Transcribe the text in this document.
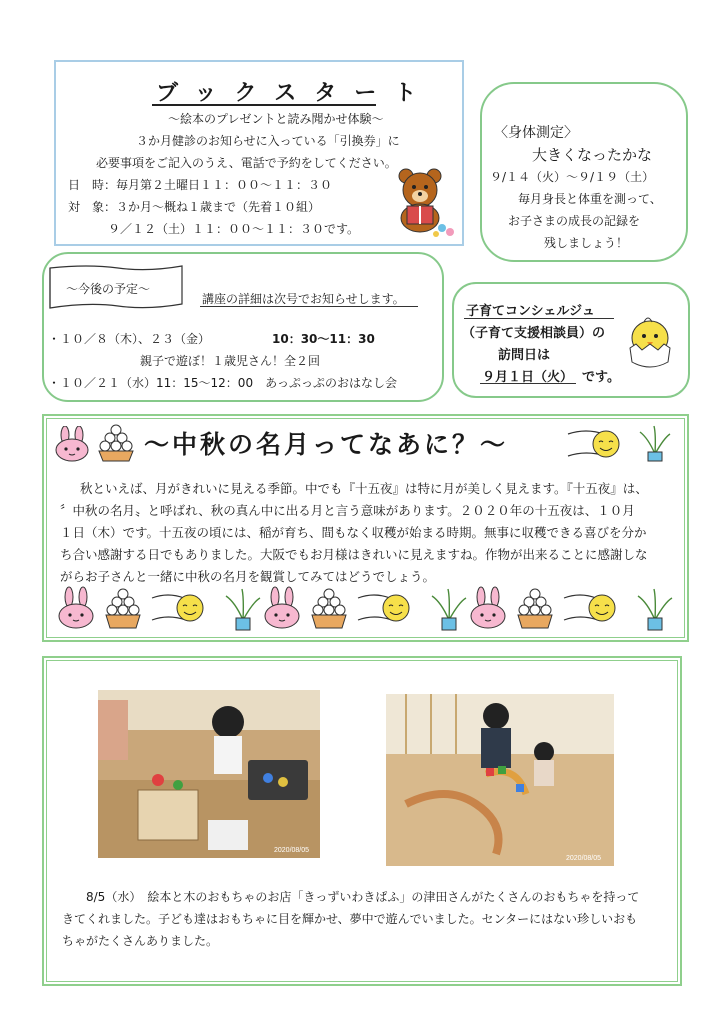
ブックスタート
～絵本のプレゼントと読み聞かせ体験～
３か月健診のお知らせに入っている「引換券」に
必要事項をご記入のうえ、電話で予約をしてください。
日　時：毎月第２土曜日１１：００～１１：３０
対　象：３か月～概ね１歳まで（先着１０組）
９／１２（土）１１：００～１１：３０です。
〈身体測定〉
大きくなったかな
９/１４（火）～９/１９（土）
毎月身長と体重を測って、
お子さまの成長の記録を
残しましょう！
～今後の予定～
講座の詳細は次号でお知らせします。
・１０／８（木）、２３（金）	10：30～11：30
親子で遊ぼ！１歳児さん！全２回
・１０／２１（水）11：15～12：00　あっぷっぷのおはなし会
子育てコンシェルジュ
（子育て支援相談員）の
訪問日は
９月１日（火） です。
～中秋の名月ってなあに？～
秋といえば、月がきれいに見える季節。中でも『十五夜』は特に月が美しく見えます。『十五夜』は、
〞中秋の名月〟と呼ばれ、秋の真ん中に出る月と言う意味があります。２０２０年の十五夜は、１０月
１日（木）です。十五夜の頃には、稲が育ち、間もなく収穫が始まる時期。無事に収穫できる喜びを分か
ち合い感謝する日でもありました。大阪でもお月様はきれいに見えますね。作物が出来ることに感謝しな
がらお子さんと一緒に中秋の名月を観賞してみてはどうでしょう。
2020/08/05
2020/08/05
8/5（水）　絵本と木のおもちゃのお店「きっずいわきぱふ」の津田さんがたくさんのおもちゃを持って
きてくれました。子ども達はおもちゃに目を輝かせ、夢中で遊んでいました。センターにはない珍しいおも
ちゃがたくさんありました。
